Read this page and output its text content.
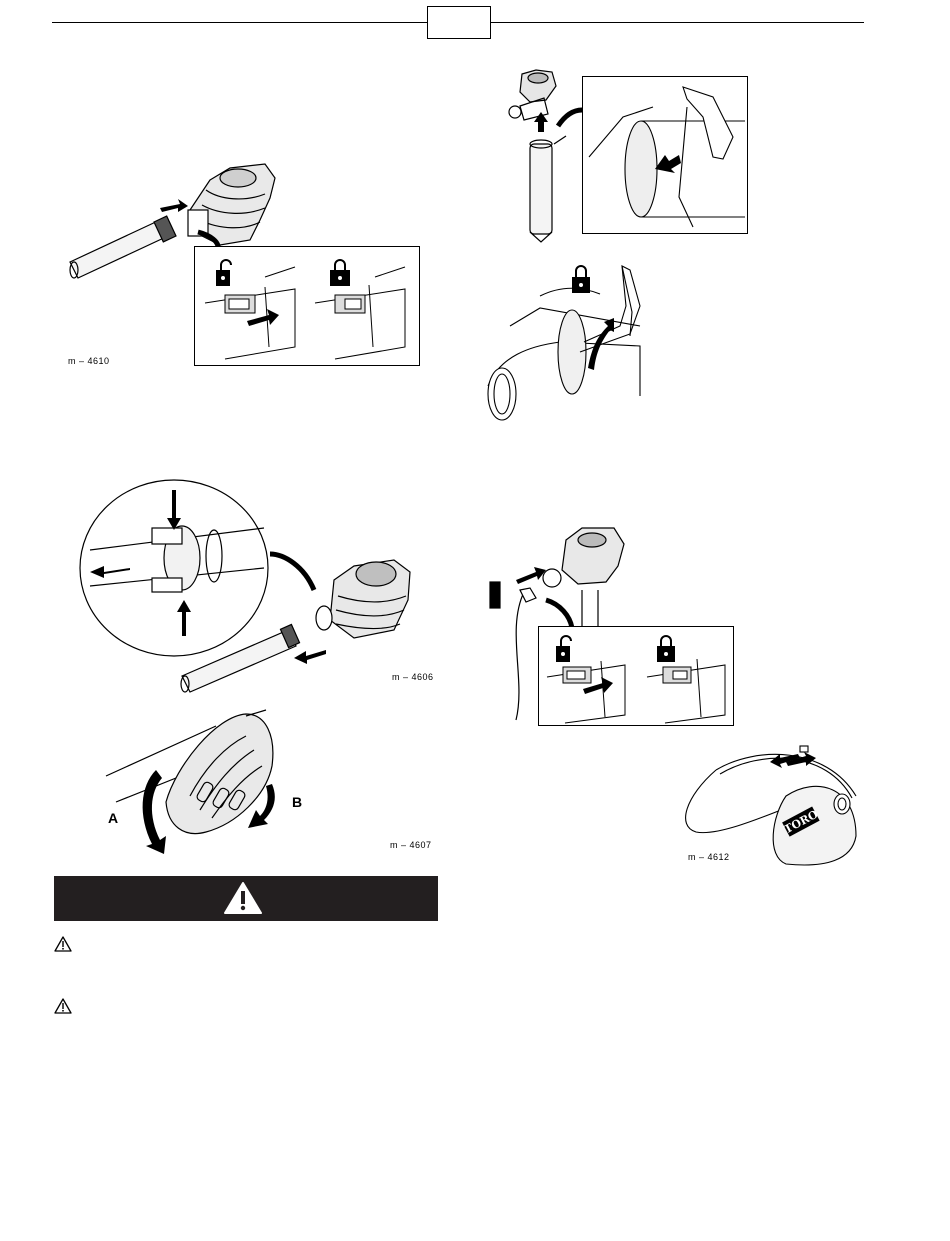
m – 4610
m – 4606
A
B
m – 4607
TORO
m – 4612
